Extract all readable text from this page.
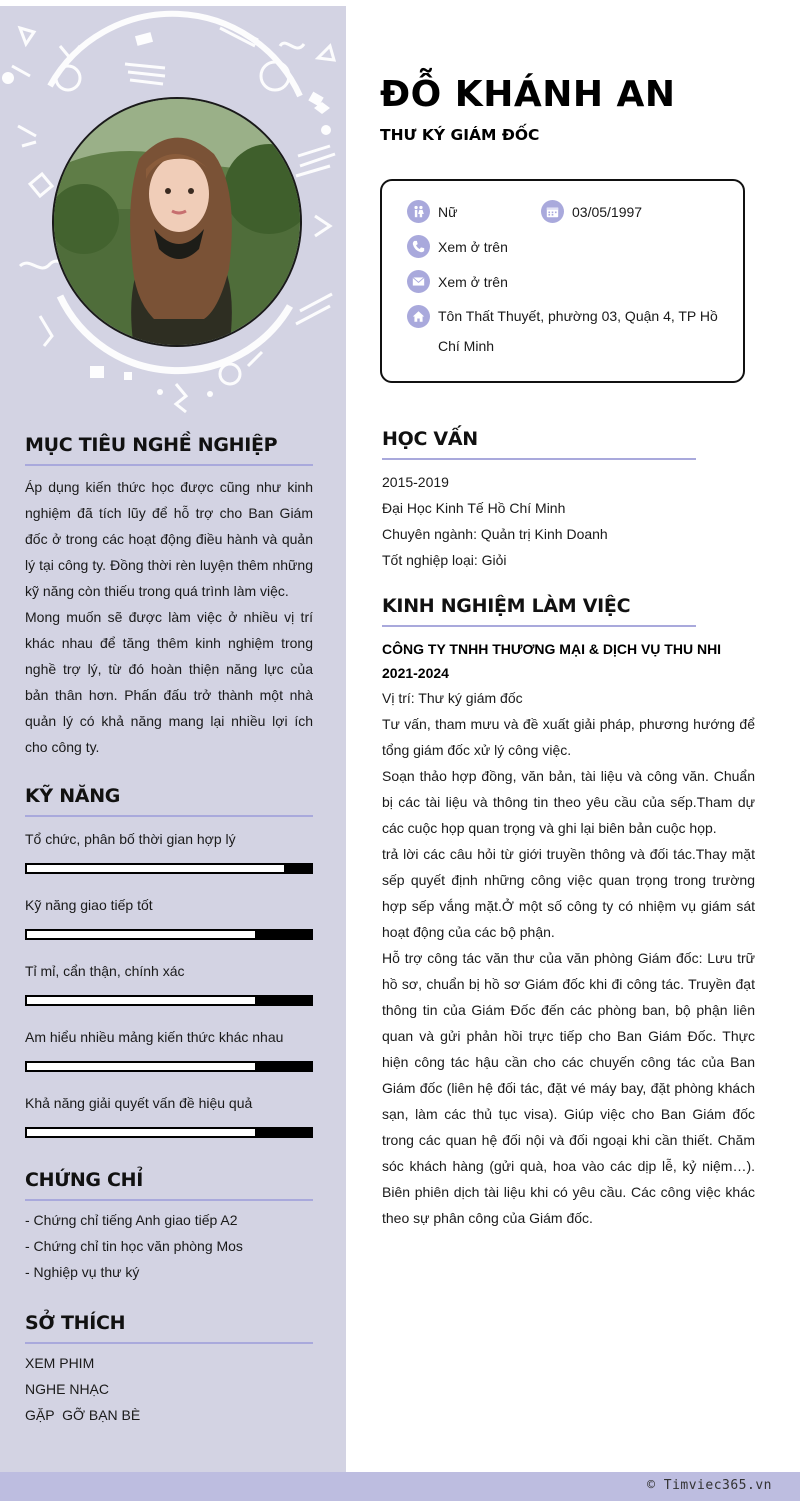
MỤC TIÊU NGHỀ NGHIỆP

Áp dụng kiến thức học được cũng như kinh nghiệm đã tích lũy để hỗ trợ cho Ban Giám đốc ở trong các hoạt động điều hành và quản lý tại công ty. Đồng thời rèn luyện thêm những kỹ năng còn thiếu trong quá trình làm việc.

Mong muốn sẽ được làm việc ở nhiều vị trí khác nhau để tăng thêm kinh nghiệm trong nghề trợ lý, từ đó hoàn thiện năng lực của bản thân hơn. Phấn đấu trở thành một nhà quản lý có khả năng mang lại nhiều lợi ích cho công ty.

KỸ NĂNG
Tổ chức, phân bố thời gian hợp lý
Kỹ năng giao tiếp tốt
Tỉ mỉ, cẩn thận, chính xác
Am hiểu nhiều mảng kiến thức khác nhau
Khả năng giải quyết vấn đề hiệu quả
CHỨNG CHỈ
- Chứng chỉ tiếng Anh giao tiếp A2
- Chứng chỉ tin học văn phòng Mos
- Nghiệp vụ thư ký
SỞ THÍCH
XEM PHIM
NGHE NHẠC
GẶP  GỠ BẠN BÈ
ĐỖ KHÁNH AN
THƯ KÝ GIÁM ĐỐC
Nữ	03/05/1997
Xem ở trên
Xem ở trên
Tôn Thất Thuyết, phường 03, Quận 4, TP Hồ
Chí Minh
HỌC VẤN
2015-2019
Đại Học Kinh Tế Hồ Chí Minh
Chuyên ngành: Quản trị Kinh Doanh
Tốt nghiệp loại: Giỏi
KINH NGHIỆM LÀM VIỆC
CÔNG TY TNHH THƯƠNG MẠI & DỊCH VỤ THU NHI
2021-2024
Vị trí: Thư ký giám đốc

Tư vấn, tham mưu và đề xuất giải pháp, phương hướng để tổng giám đốc xử lý công việc.

Soạn thảo hợp đồng, văn bản, tài liệu và công văn. Chuẩn bị các tài liệu và thông tin theo yêu cầu của sếp.Tham dự các cuộc họp quan trọng và ghi lại biên bản cuộc họp.

trả lời các câu hỏi từ giới truyền thông và đối tác.Thay mặt sếp quyết định những công việc quan trọng trong trường hợp sếp vắng mặt.Ở một số công ty có nhiệm vụ giám sát hoạt động của các bộ phận.

Hỗ trợ công tác văn thư của văn phòng Giám đốc: Lưu trữ hồ sơ, chuẩn bị hồ sơ Giám đốc khi đi công tác. Truyền đạt thông tin của Giám Đốc đến các phòng ban, bộ phận liên quan và gửi phản hồi trực tiếp cho Ban Giám Đốc. Thực hiện công tác hậu cần cho các chuyến công tác của Ban Giám đốc (liên hệ đối tác, đặt vé máy bay, đặt phòng khách sạn, làm các thủ tục visa). Giúp việc cho Ban Giám đốc trong các quan hệ đối nội và đối ngoại khi cần thiết. Chăm sóc khách hàng (gửi quà, hoa vào các dịp lễ, kỷ niệm…). Biên phiên dịch tài liệu khi có yêu cầu. Các công việc khác theo sự phân công của Giám đốc.

© Timviec365.vn
